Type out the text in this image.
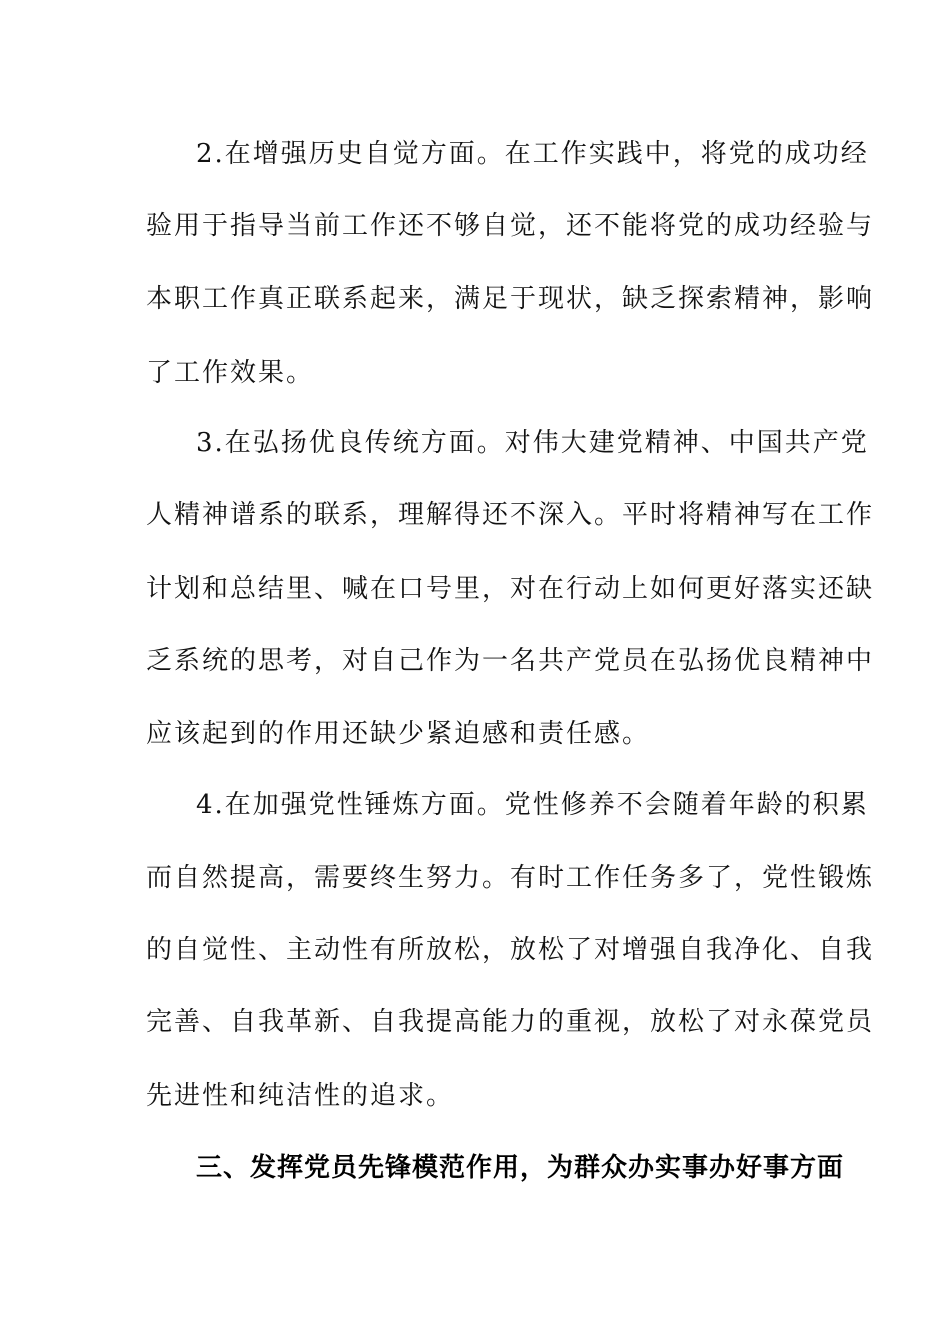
2.在增强历史自觉方面。在工作实践中，将党的成功经
验用于指导当前工作还不够自觉，还不能将党的成功经验与
本职工作真正联系起来，满足于现状，缺乏探索精神，影响
了工作效果。
3.在弘扬优良传统方面。对伟大建党精神、中国共产党
人精神谱系的联系，理解得还不深入。平时将精神写在工作
计划和总结里、喊在口号里，对在行动上如何更好落实还缺
乏系统的思考，对自己作为一名共产党员在弘扬优良精神中
应该起到的作用还缺少紧迫感和责任感。
4.在加强党性锤炼方面。党性修养不会随着年龄的积累
而自然提高，需要终生努力。有时工作任务多了，党性锻炼
的自觉性、主动性有所放松，放松了对增强自我净化、自我
完善、自我革新、自我提高能力的重视，放松了对永葆党员
先进性和纯洁性的追求。
三、发挥党员先锋模范作用，为群众办实事办好事方面
